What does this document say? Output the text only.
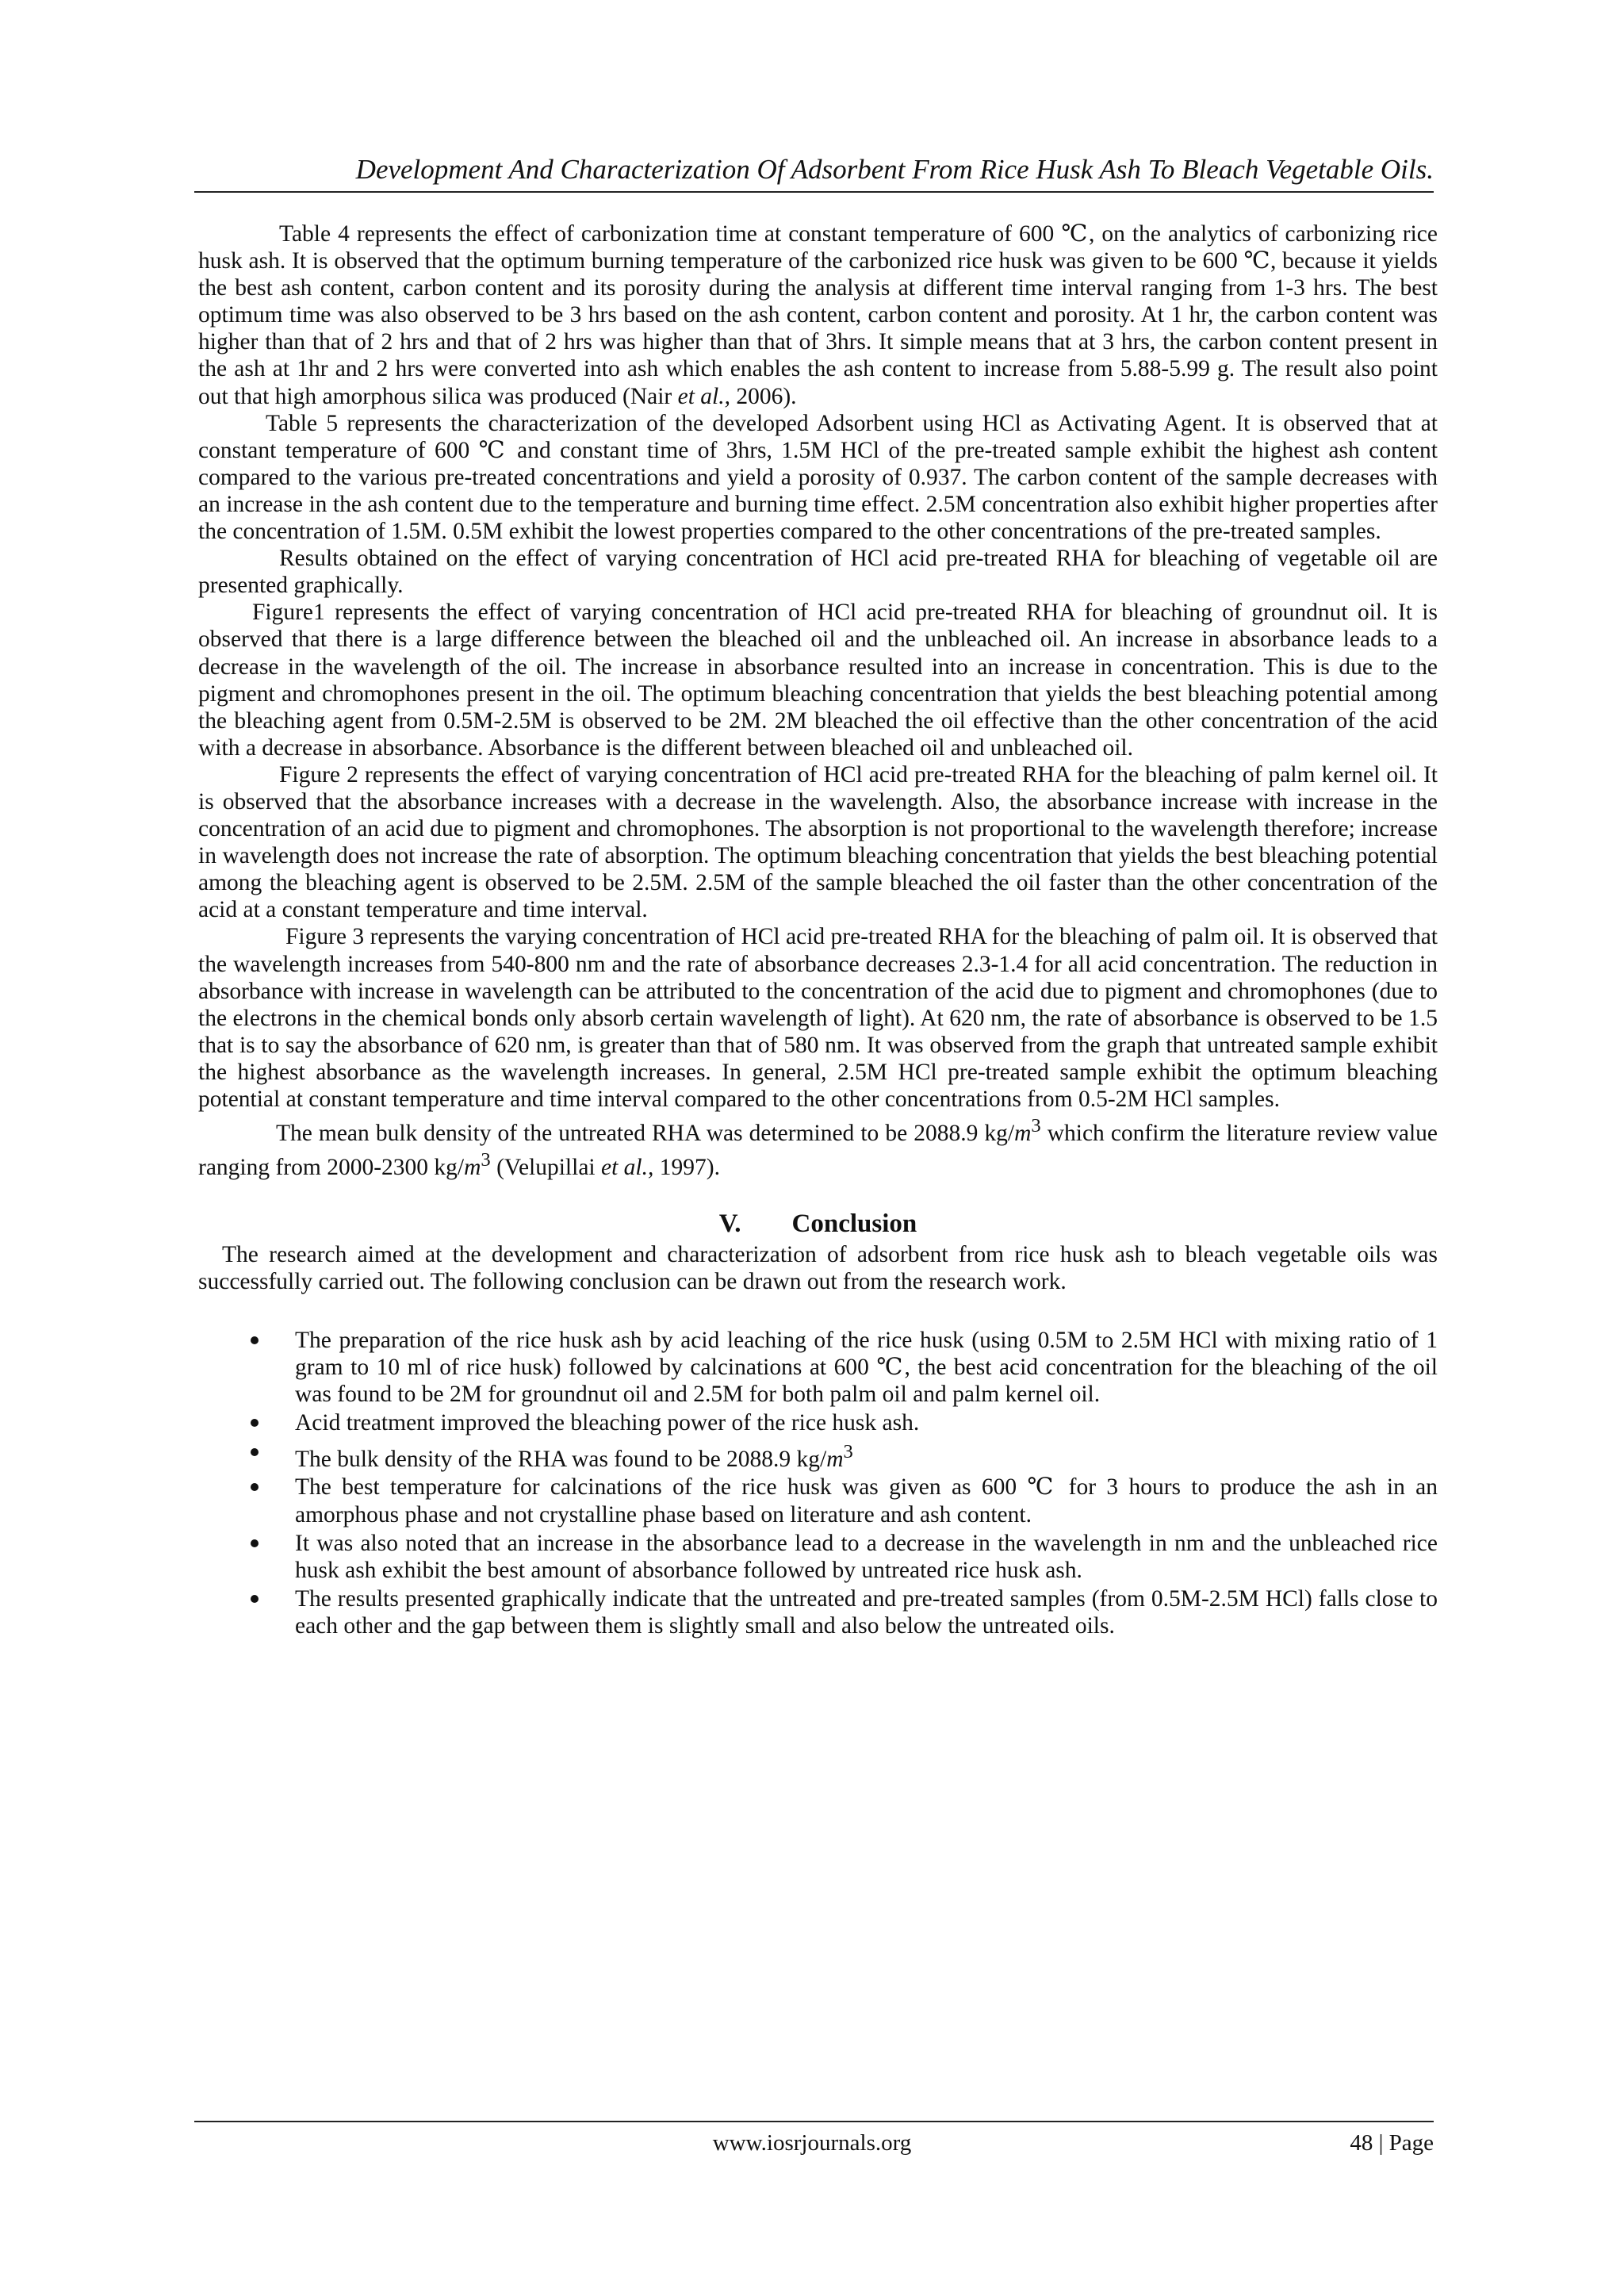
Development And Characterization Of Adsorbent From Rice Husk Ash To Bleach Vegetable Oils.

Table 4 represents the effect of carbonization time at constant temperature of 600 ℃, on the analytics of carbonizing rice husk ash. It is observed that the optimum burning temperature of the carbonized rice husk was given to be 600 ℃, because it yields the best ash content, carbon content and its porosity during the analysis at different time interval ranging from 1-3 hrs. The best optimum time was also observed to be 3 hrs based on the ash content, carbon content and porosity. At 1 hr, the carbon content was higher than that of 2 hrs and that of 2 hrs was higher than that of 3hrs. It simple means that at 3 hrs, the carbon content present in the ash at 1hr and 2 hrs were converted into ash which enables the ash content to increase from 5.88-5.99 g. The result also point out that high amorphous silica was produced (Nair et al., 2006).

Table 5 represents the characterization of the developed Adsorbent using HCl as Activating Agent. It is observed that at constant temperature of 600 ℃ and constant time of 3hrs, 1.5M HCl of the pre-treated sample exhibit the highest ash content compared to the various pre-treated concentrations and yield a porosity of 0.937. The carbon content of the sample decreases with an increase in the ash content due to the temperature and burning time effect. 2.5M concentration also exhibit higher properties after the concentration of 1.5M. 0.5M exhibit the lowest properties compared to the other concentrations of the pre-treated samples.

Results obtained on the effect of varying concentration of HCl acid pre-treated RHA for bleaching of vegetable oil are presented graphically.

Figure1 represents the effect of varying concentration of HCl acid pre-treated RHA for bleaching of groundnut oil. It is observed that there is a large difference between the bleached oil and the unbleached oil. An increase in absorbance leads to a decrease in the wavelength of the oil. The increase in absorbance resulted into an increase in concentration. This is due to the pigment and chromophones present in the oil. The optimum bleaching concentration that yields the best bleaching potential among the bleaching agent from 0.5M-2.5M is observed to be 2M. 2M bleached the oil effective than the other concentration of the acid with a decrease in absorbance. Absorbance is the different between bleached oil and unbleached oil.

Figure 2 represents the effect of varying concentration of HCl acid pre-treated RHA for the bleaching of palm kernel oil. It is observed that the absorbance increases with a decrease in the wavelength. Also, the absorbance increase with increase in the concentration of an acid due to pigment and chromophones. The absorption is not proportional to the wavelength therefore; increase in wavelength does not increase the rate of absorption. The optimum bleaching concentration that yields the best bleaching potential among the bleaching agent is observed to be 2.5M. 2.5M of the sample bleached the oil faster than the other concentration of the acid at a constant temperature and time interval.

Figure 3 represents the varying concentration of HCl acid pre-treated RHA for the bleaching of palm oil. It is observed that the wavelength increases from 540-800 nm and the rate of absorbance decreases 2.3-1.4 for all acid concentration. The reduction in absorbance with increase in wavelength can be attributed to the concentration of the acid due to pigment and chromophones (due to the electrons in the chemical bonds only absorb certain wavelength of light). At 620 nm, the rate of absorbance is observed to be 1.5 that is to say the absorbance of 620 nm, is greater than that of 580 nm. It was observed from the graph that untreated sample exhibit the highest absorbance as the wavelength increases. In general, 2.5M HCl pre-treated sample exhibit the optimum bleaching potential at constant temperature and time interval compared to the other concentrations from 0.5-2M HCl samples.

The mean bulk density of the untreated RHA was determined to be 2088.9 $kg/m^3$ which confirm the literature review value ranging from 2000-2300 $kg/m^3$ (Velupillai et al., 1997).

V. Conclusion

The research aimed at the development and characterization of adsorbent from rice husk ash to bleach vegetable oils was successfully carried out. The following conclusion can be drawn out from the research work.

The preparation of the rice husk ash by acid leaching of the rice husk (using 0.5M to 2.5M HCl with mixing ratio of 1 gram to 10 ml of rice husk) followed by calcinations at 600 ℃, the best acid concentration for the bleaching of the oil was found to be 2M for groundnut oil and 2.5M for both palm oil and palm kernel oil.
Acid treatment improved the bleaching power of the rice husk ash.
The bulk density of the RHA was found to be 2088.9 $kg/m^3$
The best temperature for calcinations of the rice husk was given as 600 ℃ for 3 hours to produce the ash in an amorphous phase and not crystalline phase based on literature and ash content.
It was also noted that an increase in the absorbance lead to a decrease in the wavelength in nm and the unbleached rice husk ash exhibit the best amount of absorbance followed by untreated rice husk ash.
The results presented graphically indicate that the untreated and pre-treated samples (from 0.5M-2.5M HCl) falls close to each other and the gap between them is slightly small and also below the untreated oils.
www.iosrjournals.org	48 | Page
